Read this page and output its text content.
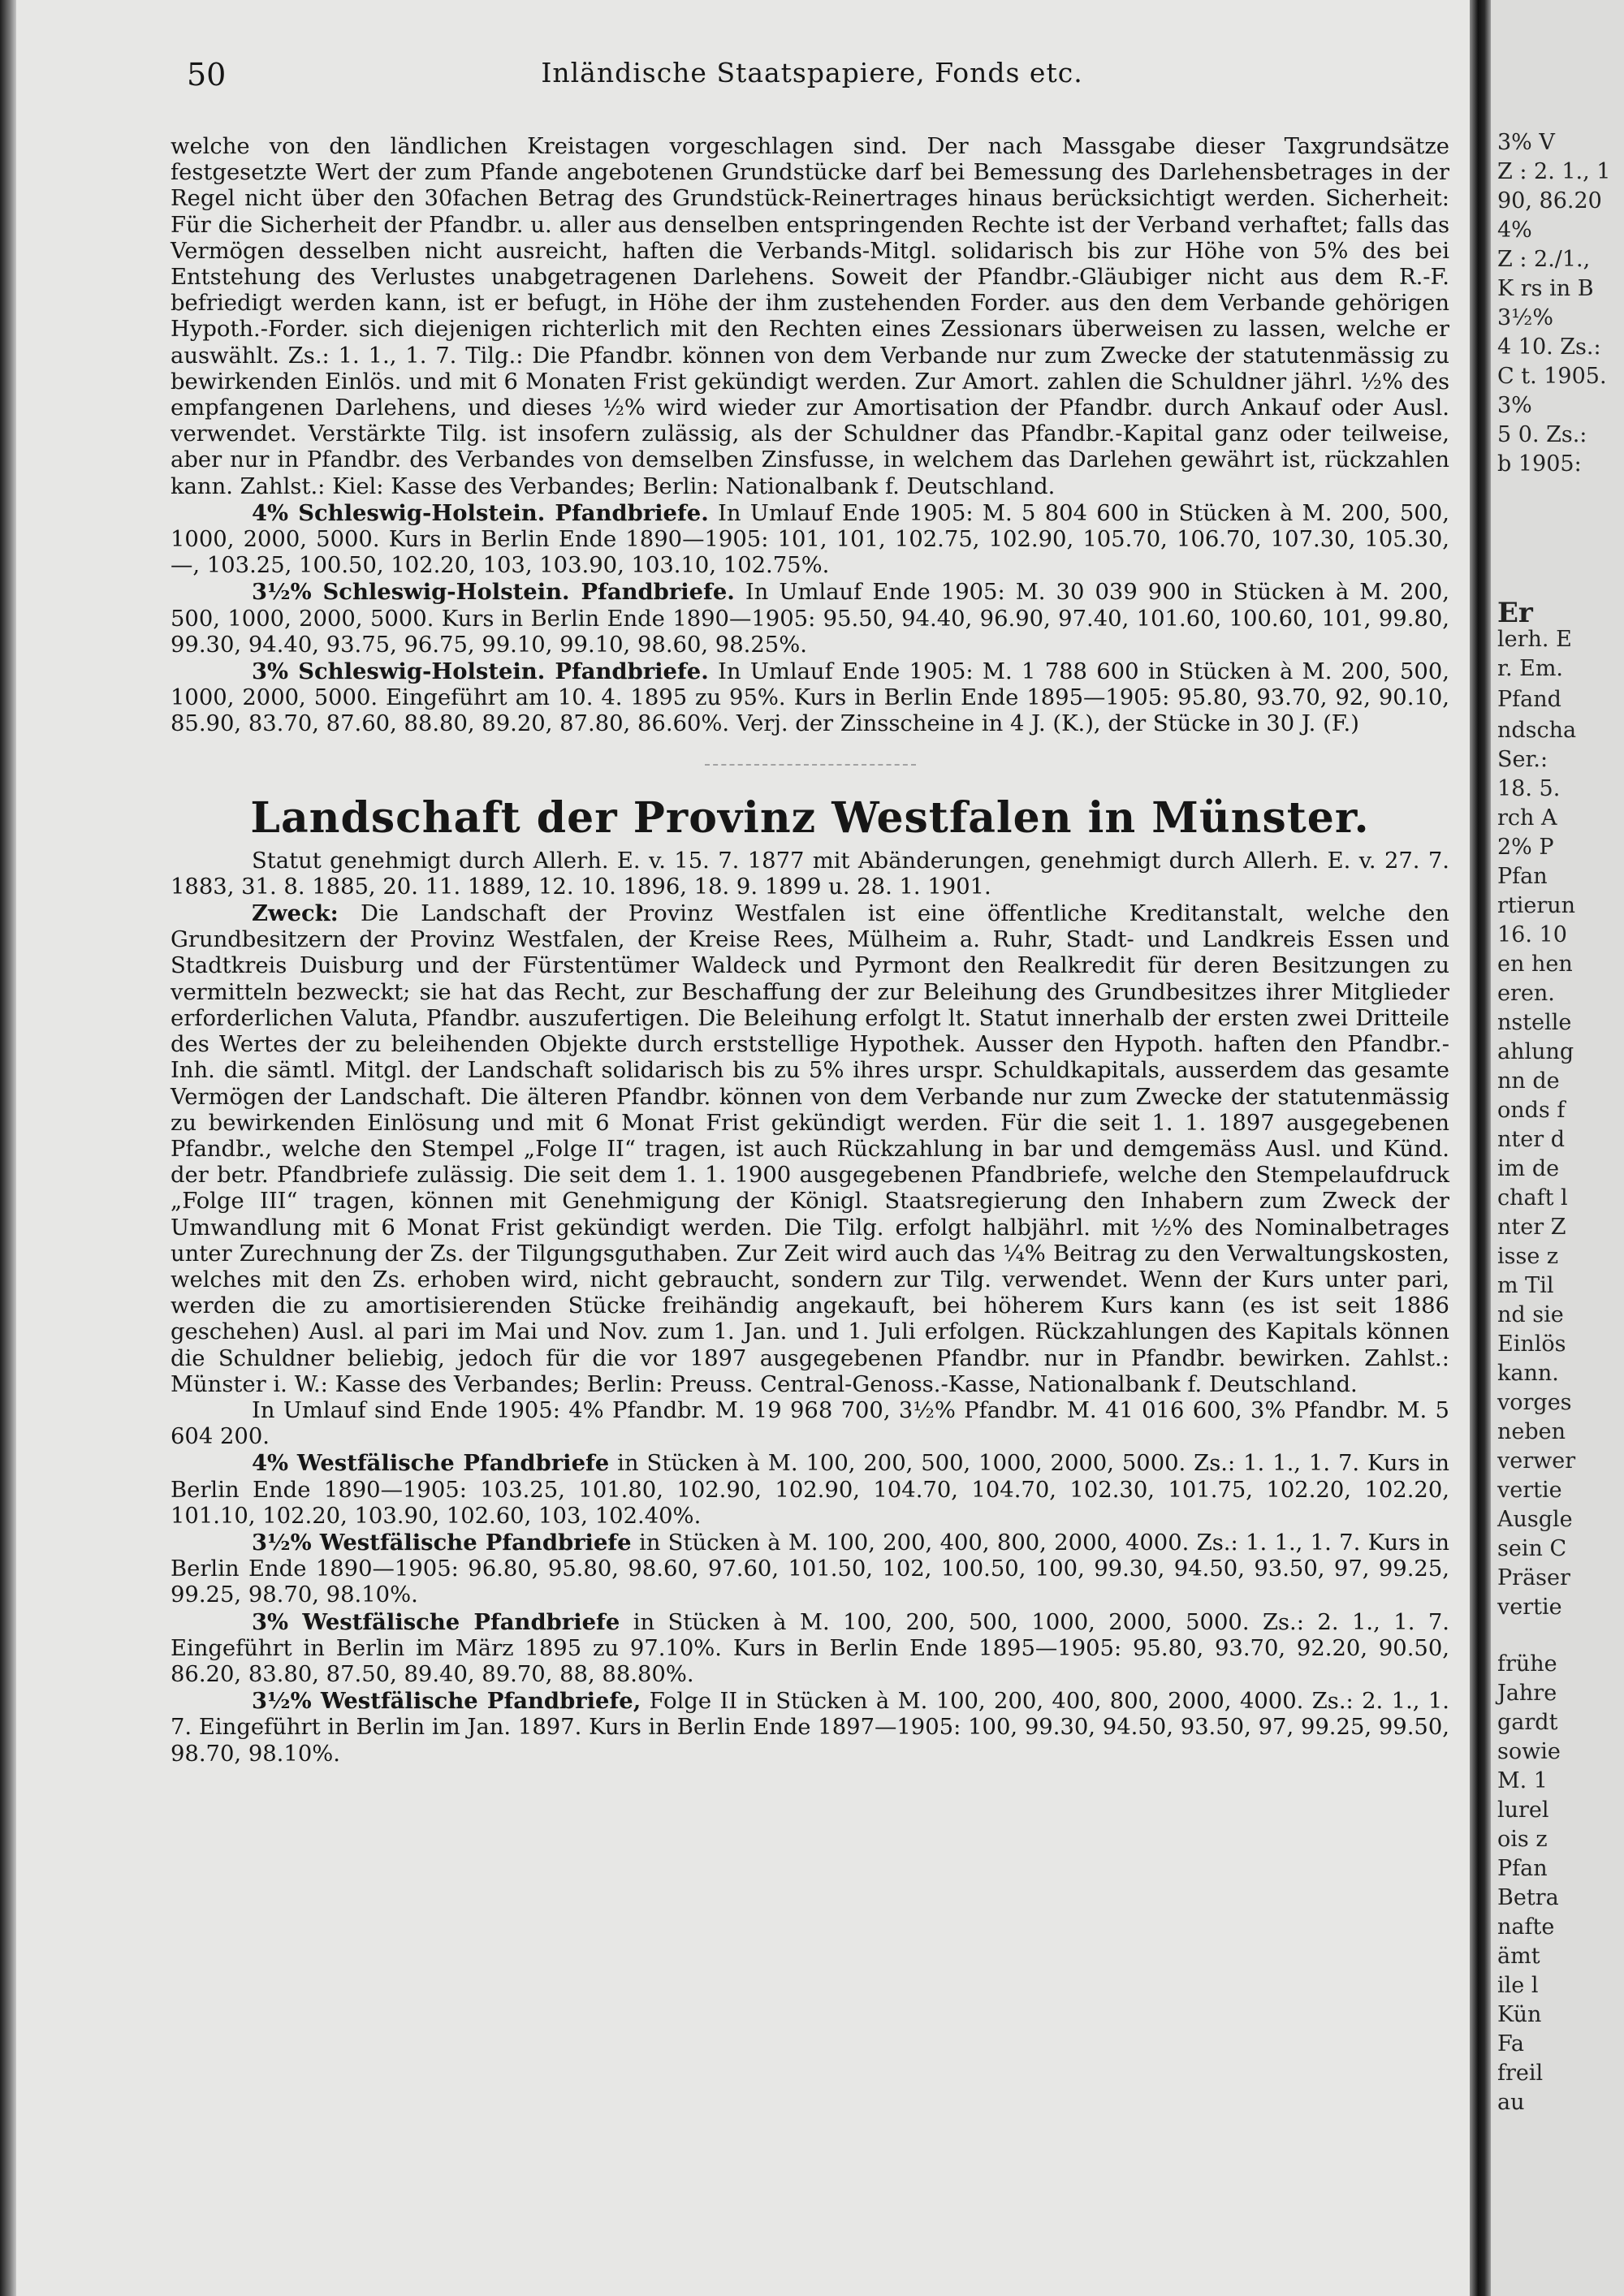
50	Inländische Staatspapiere, Fonds etc.

welche von den ländlichen Kreistagen vorgeschlagen sind. Der nach Massgabe dieser Taxgrundsätze festgesetzte Wert der zum Pfande angebotenen Grundstücke darf bei Bemessung des Darlehensbetrages in der Regel nicht über den 30fachen Betrag des Grundstück-Reinertrages hinaus berücksichtigt werden. Sicherheit: Für die Sicherheit der Pfandbr. u. aller aus denselben entspringenden Rechte ist der Verband verhaftet; falls das Vermögen desselben nicht ausreicht, haften die Verbands-Mitgl. solidarisch bis zur Höhe von 5% des bei Entstehung des Verlustes unabgetragenen Darlehens. Soweit der Pfandbr.-Gläubiger nicht aus dem R.-F. befriedigt werden kann, ist er befugt, in Höhe der ihm zustehenden Forder. aus den dem Verbande gehörigen Hypoth.-Forder. sich diejenigen richterlich mit den Rechten eines Zessionars überweisen zu lassen, welche er auswählt. Zs.: 1. 1., 1. 7. Tilg.: Die Pfandbr. können von dem Verbande nur zum Zwecke der statutenmässig zu bewirkenden Einlös. und mit 6 Monaten Frist gekündigt werden. Zur Amort. zahlen die Schuldner jährl. ½% des empfangenen Darlehens, und dieses ½% wird wieder zur Amortisation der Pfandbr. durch Ankauf oder Ausl. verwendet. Verstärkte Tilg. ist insofern zulässig, als der Schuldner das Pfandbr.-Kapital ganz oder teilweise, aber nur in Pfandbr. des Verbandes von demselben Zinsfusse, in welchem das Darlehen gewährt ist, rückzahlen kann. Zahlst.: Kiel: Kasse des Verbandes; Berlin: Nationalbank f. Deutschland.

4% Schleswig-Holstein. Pfandbriefe. In Umlauf Ende 1905: M. 5 804 600 in Stücken à M. 200, 500, 1000, 2000, 5000. Kurs in Berlin Ende 1890—1905: 101, 101, 102.75, 102.90, 105.70, 106.70, 107.30, 105.30, —, 103.25, 100.50, 102.20, 103, 103.90, 103.10, 102.75%.

3½% Schleswig-Holstein. Pfandbriefe. In Umlauf Ende 1905: M. 30 039 900 in Stücken à M. 200, 500, 1000, 2000, 5000. Kurs in Berlin Ende 1890—1905: 95.50, 94.40, 96.90, 97.40, 101.60, 100.60, 101, 99.80, 99.30, 94.40, 93.75, 96.75, 99.10, 99.10, 98.60, 98.25%.

3% Schleswig-Holstein. Pfandbriefe. In Umlauf Ende 1905: M. 1 788 600 in Stücken à M. 200, 500, 1000, 2000, 5000. Eingeführt am 10. 4. 1895 zu 95%. Kurs in Berlin Ende 1895—1905: 95.80, 93.70, 92, 90.10, 85.90, 83.70, 87.60, 88.80, 89.20, 87.80, 86.60%. Verj. der Zinsscheine in 4 J. (K.), der Stücke in 30 J. (F.)

Landschaft der Provinz Westfalen in Münster.

Statut genehmigt durch Allerh. E. v. 15. 7. 1877 mit Abänderungen, genehmigt durch Allerh. E. v. 27. 7. 1883, 31. 8. 1885, 20. 11. 1889, 12. 10. 1896, 18. 9. 1899 u. 28. 1. 1901.

Zweck: Die Landschaft der Provinz Westfalen ist eine öffentliche Kreditanstalt, welche den Grundbesitzern der Provinz Westfalen, der Kreise Rees, Mülheim a. Ruhr, Stadt- und Landkreis Essen und Stadtkreis Duisburg und der Fürstentümer Waldeck und Pyrmont den Realkredit für deren Besitzungen zu vermitteln bezweckt; sie hat das Recht, zur Beschaffung der zur Beleihung des Grundbesitzes ihrer Mitglieder erforderlichen Valuta, Pfandbr. auszufertigen. Die Beleihung erfolgt lt. Statut innerhalb der ersten zwei Dritteile des Wertes der zu beleihenden Objekte durch erststellige Hypothek. Ausser den Hypoth. haften den Pfandbr.-Inh. die sämtl. Mitgl. der Landschaft solidarisch bis zu 5% ihres urspr. Schuldkapitals, ausserdem das gesamte Vermögen der Landschaft. Die älteren Pfandbr. können von dem Verbande nur zum Zwecke der statutenmässig zu bewirkenden Einlösung und mit 6 Monat Frist gekündigt werden. Für die seit 1. 1. 1897 ausgegebenen Pfandbr., welche den Stempel „Folge II“ tragen, ist auch Rückzahlung in bar und demgemäss Ausl. und Künd. der betr. Pfandbriefe zulässig. Die seit dem 1. 1. 1900 ausgegebenen Pfandbriefe, welche den Stempelaufdruck „Folge III“ tragen, können mit Genehmigung der Königl. Staatsregierung den Inhabern zum Zweck der Umwandlung mit 6 Monat Frist gekündigt werden. Die Tilg. erfolgt halbjährl. mit ½% des Nominalbetrages unter Zurechnung der Zs. der Tilgungsguthaben. Zur Zeit wird auch das ¼% Beitrag zu den Verwaltungskosten, welches mit den Zs. erhoben wird, nicht gebraucht, sondern zur Tilg. verwendet. Wenn der Kurs unter pari, werden die zu amortisierenden Stücke freihändig angekauft, bei höherem Kurs kann (es ist seit 1886 geschehen) Ausl. al pari im Mai und Nov. zum 1. Jan. und 1. Juli erfolgen. Rückzahlungen des Kapitals können die Schuldner beliebig, jedoch für die vor 1897 ausgegebenen Pfandbr. nur in Pfandbr. bewirken. Zahlst.: Münster i. W.: Kasse des Verbandes; Berlin: Preuss. Central-Genoss.-Kasse, Nationalbank f. Deutschland.

In Umlauf sind Ende 1905: 4% Pfandbr. M. 19 968 700, 3½% Pfandbr. M. 41 016 600, 3% Pfandbr. M. 5 604 200.

4% Westfälische Pfandbriefe in Stücken à M. 100, 200, 500, 1000, 2000, 5000. Zs.: 1. 1., 1. 7. Kurs in Berlin Ende 1890—1905: 103.25, 101.80, 102.90, 102.90, 104.70, 104.70, 102.30, 101.75, 102.20, 102.20, 101.10, 102.20, 103.90, 102.60, 103, 102.40%.

3½% Westfälische Pfandbriefe in Stücken à M. 100, 200, 400, 800, 2000, 4000. Zs.: 1. 1., 1. 7. Kurs in Berlin Ende 1890—1905: 96.80, 95.80, 98.60, 97.60, 101.50, 102, 100.50, 100, 99.30, 94.50, 93.50, 97, 99.25, 99.25, 98.70, 98.10%.

3% Westfälische Pfandbriefe in Stücken à M. 100, 200, 500, 1000, 2000, 5000. Zs.: 2. 1., 1. 7. Eingeführt in Berlin im März 1895 zu 97.10%. Kurs in Berlin Ende 1895—1905: 95.80, 93.70, 92.20, 90.50, 86.20, 83.80, 87.50, 89.40, 89.70, 88, 88.80%.

3½% Westfälische Pfandbriefe, Folge II in Stücken à M. 100, 200, 400, 800, 2000, 4000. Zs.: 2. 1., 1. 7. Eingeführt in Berlin im Jan. 1897. Kurs in Berlin Ende 1897—1905: 100, 99.30, 94.50, 93.50, 97, 99.25, 99.50, 98.70, 98.10%.

3% V
Z : 2. 1., 1
90, 86.20
4%
Z : 2./1.,
K rs in B
3½%
4 10. Zs.:
C t. 1905.
3%
5 0. Zs.:
b 1905:
Er
lerh. E
r. Em.
Pfand
ndscha
Ser.:
18. 5.
rch A
2% P
Pfan
rtierun
16. 10
en hen
eren.
nstelle
ahlung
nn de
onds f
nter d
im de
chaft l
nter Z
isse z
m Til
nd sie
Einlös
kann.
vorges
neben
verwer
vertie
Ausgle
sein C
Präser
vertie
frühe
Jahre
gardt
sowie
M. 1
lurel
ois z
Pfan
Betra
nafte
ämt
ile l
Kün
Fa
freil
au
